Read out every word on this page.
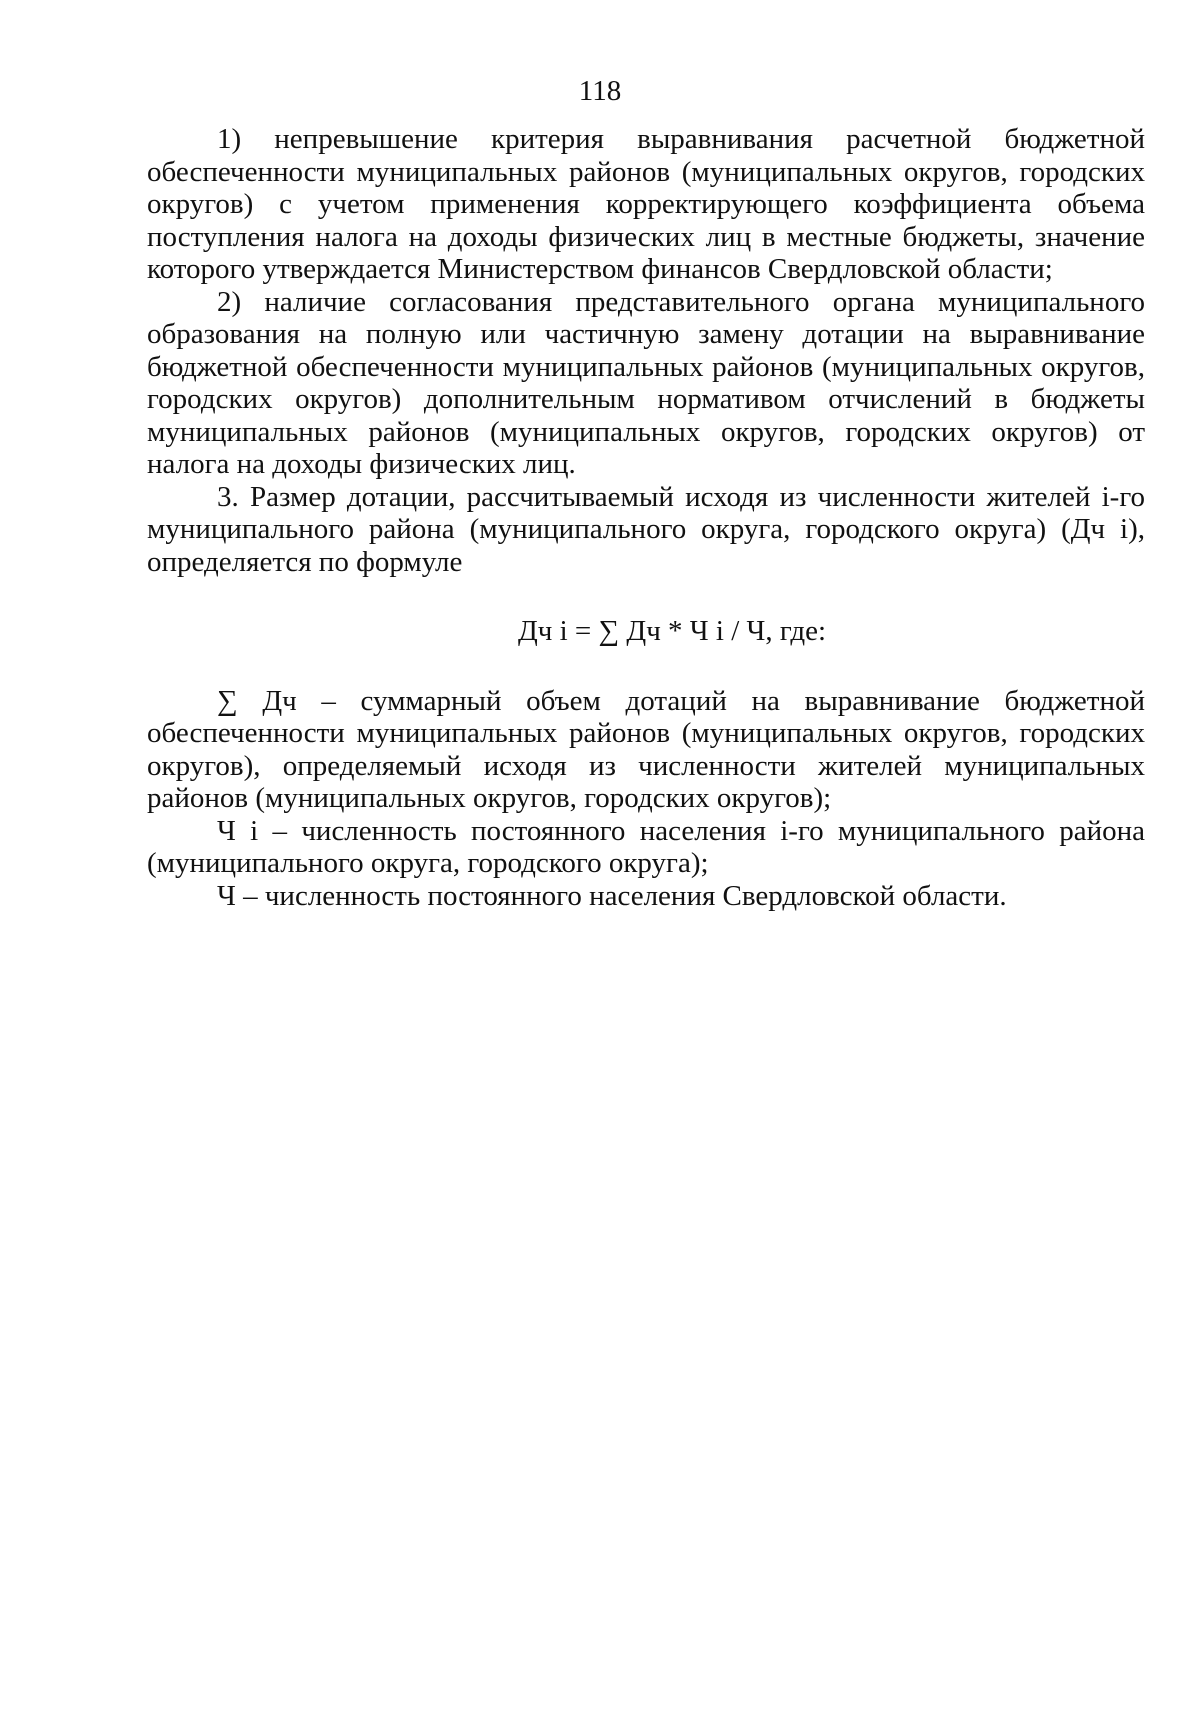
118

1) непревышение критерия выравнивания расчетной бюджетной обеспеченности муниципальных районов (муниципальных округов, городских округов) с учетом применения корректирующего коэффициента объема поступления налога на доходы физических лиц в местные бюджеты, значение которого утверждается Министерством финансов Свердловской области;

2) наличие согласования представительного органа муниципального образования на полную или частичную замену дотации на выравнивание бюджетной обеспеченности муниципальных районов (муниципальных округов, городских округов) дополнительным нормативом отчислений в бюджеты муниципальных районов (муниципальных округов, городских округов) от налога на доходы физических лиц.

3. Размер дотации, рассчитываемый исходя из численности жителей i-го муниципального района (муниципального округа, городского округа) (Дч i), определяется по формуле

Дч i = ∑ Дч * Ч i / Ч, где:

∑ Дч – суммарный объем дотаций на выравнивание бюджетной обеспеченности муниципальных районов (муниципальных округов, городских округов), определяемый исходя из численности жителей муниципальных районов (муниципальных округов, городских округов);

Ч i – численность постоянного населения i-го муниципального района (муниципального округа, городского округа);

Ч – численность постоянного населения Свердловской области.
